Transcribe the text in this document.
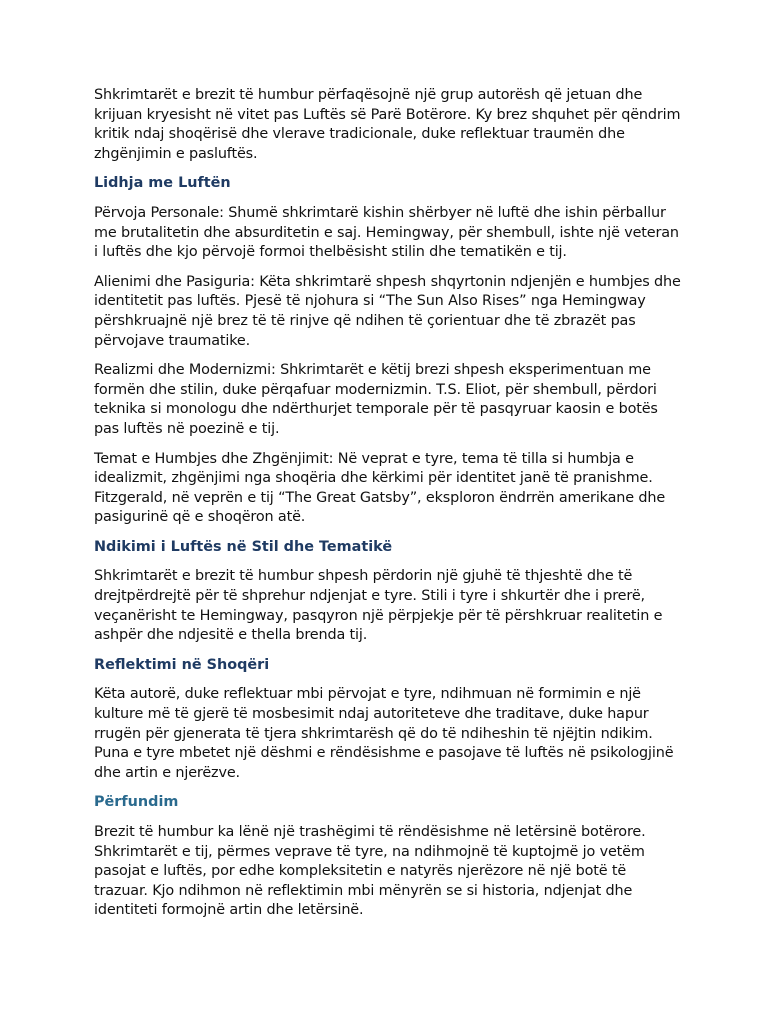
Shkrimtarët e brezit të humbur përfaqësojnë një grup autorësh që jetuan dhe krijuan kryesisht në vitet pas Luftës së Parë Botërore. Ky brez shquhet për qëndrim kritik ndaj shoqërisë dhe vlerave tradicionale, duke reflektuar traumën dhe zhgënjimin e pasluftës.

Lidhja me Luftën

Përvoja Personale: Shumë shkrimtarë kishin shërbyer në luftë dhe ishin përballur me brutalitetin dhe absurditetin e saj. Hemingway, për shembull, ishte një veteran i luftës dhe kjo përvojë formoi thelbësisht stilin dhe tematikën e tij.

Alienimi dhe Pasiguria: Këta shkrimtarë shpesh shqyrtonin ndjenjën e humbjes dhe identitetit pas luftës. Pjesë të njohura si “The Sun Also Rises” nga Hemingway përshkruajnë një brez të të rinjve që ndihen të çorientuar dhe të zbrazët pas përvojave traumatike.

Realizmi dhe Modernizmi: Shkrimtarët e këtij brezi shpesh eksperimentuan me formën dhe stilin, duke përqafuar modernizmin. T.S. Eliot, për shembull, përdori teknika si monologu dhe ndërthurjet temporale për të pasqyruar kaosin e botës pas luftës në poezinë e tij.

Temat e Humbjes dhe Zhgënjimit: Në veprat e tyre, tema të tilla si humbja e idealizmit, zhgënjimi nga shoqëria dhe kërkimi për identitet janë të pranishme. Fitzgerald, në veprën e tij “The Great Gatsby”, eksploron ëndrrën amerikane dhe pasigurinë që e shoqëron atë.

Ndikimi i Luftës në Stil dhe Tematikë

Shkrimtarët e brezit të humbur shpesh përdorin një gjuhë të thjeshtë dhe të drejtpërdrejtë për të shprehur ndjenjat e tyre. Stili i tyre i shkurtër dhe i prerë, veçanërisht te Hemingway, pasqyron një përpjekje për të përshkruar realitetin e ashpër dhe ndjesitë e thella brenda tij.

Reflektimi në Shoqëri

Këta autorë, duke reflektuar mbi përvojat e tyre, ndihmuan në formimin e një kulture më të gjerë të mosbesimit ndaj autoriteteve dhe traditave, duke hapur rrugën për gjenerata të tjera shkrimtarësh që do të ndiheshin të njëjtin ndikim. Puna e tyre mbetet një dëshmi e rëndësishme e pasojave të luftës në psikologjinë dhe artin e njerëzve.

Përfundim

Brezit të humbur ka lënë një trashëgimi të rëndësishme në letërsinë botërore. Shkrimtarët e tij, përmes veprave të tyre, na ndihmojnë të kuptojmë jo vetëm pasojat e luftës, por edhe kompleksitetin e natyrës njerëzore në një botë të trazuar. Kjo ndihmon në reflektimin mbi mënyrën se si historia, ndjenjat dhe identiteti formojnë artin dhe letërsinë.
